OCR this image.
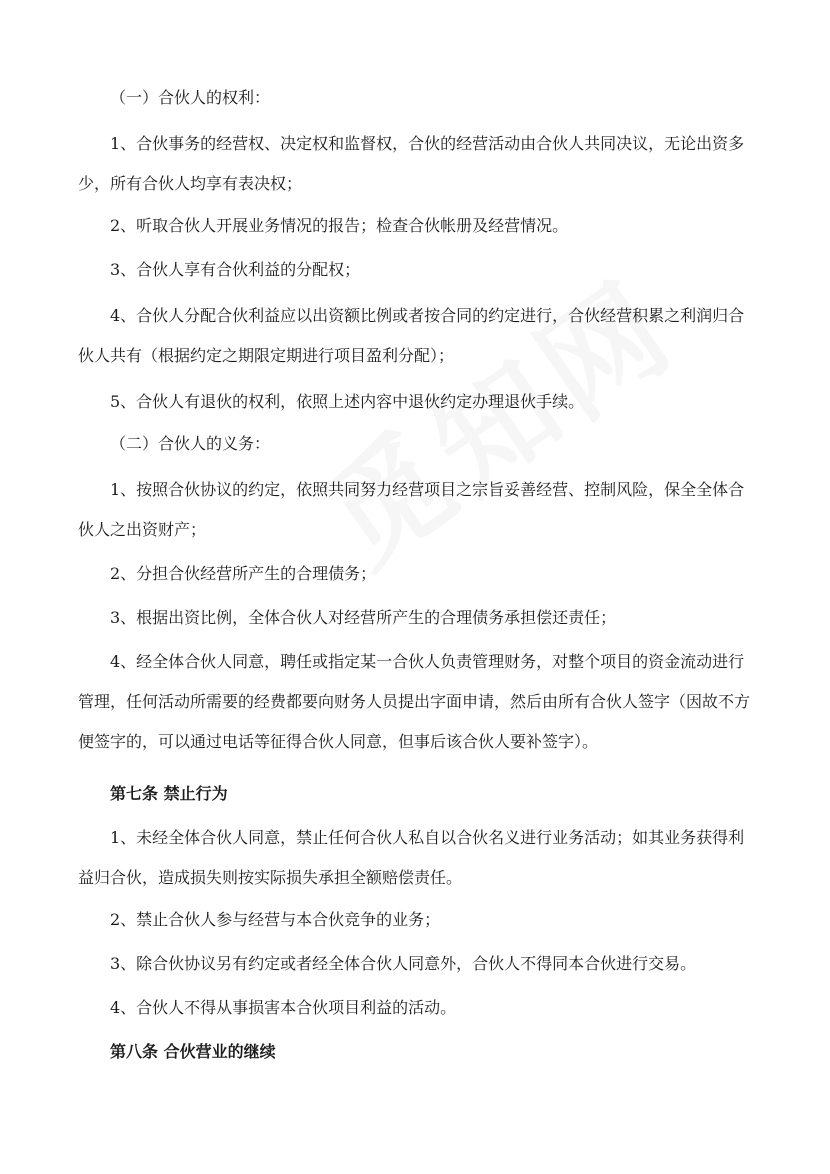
（一）合伙人的权利：

1、合伙事务的经营权、决定权和监督权，合伙的经营活动由合伙人共同决议，无论出资多少，所有合伙人均享有表决权；

2、听取合伙人开展业务情况的报告；检查合伙帐册及经营情况。

3、合伙人享有合伙利益的分配权；

4、合伙人分配合伙利益应以出资额比例或者按合同的约定进行，合伙经营积累之利润归合伙人共有（根据约定之期限定期进行项目盈利分配）；

5、合伙人有退伙的权利，依照上述内容中退伙约定办理退伙手续。

（二）合伙人的义务：

1、按照合伙协议的约定，依照共同努力经营项目之宗旨妥善经营、控制风险，保全全体合伙人之出资财产；

2、分担合伙经营所产生的合理债务；

3、根据出资比例，全体合伙人对经营所产生的合理债务承担偿还责任；

4、经全体合伙人同意，聘任或指定某一合伙人负责管理财务，对整个项目的资金流动进行管理，任何活动所需要的经费都要向财务人员提出字面申请，然后由所有合伙人签字（因故不方便签字的，可以通过电话等征得合伙人同意，但事后该合伙人要补签字）。

第七条 禁止行为

1、未经全体合伙人同意，禁止任何合伙人私自以合伙名义进行业务活动；如其业务获得利益归合伙，造成损失则按实际损失承担全额赔偿责任。

2、禁止合伙人参与经营与本合伙竞争的业务；

3、除合伙协议另有约定或者经全体合伙人同意外，合伙人不得同本合伙进行交易。

4、合伙人不得从事损害本合伙项目利益的活动。

第八条 合伙营业的继续
